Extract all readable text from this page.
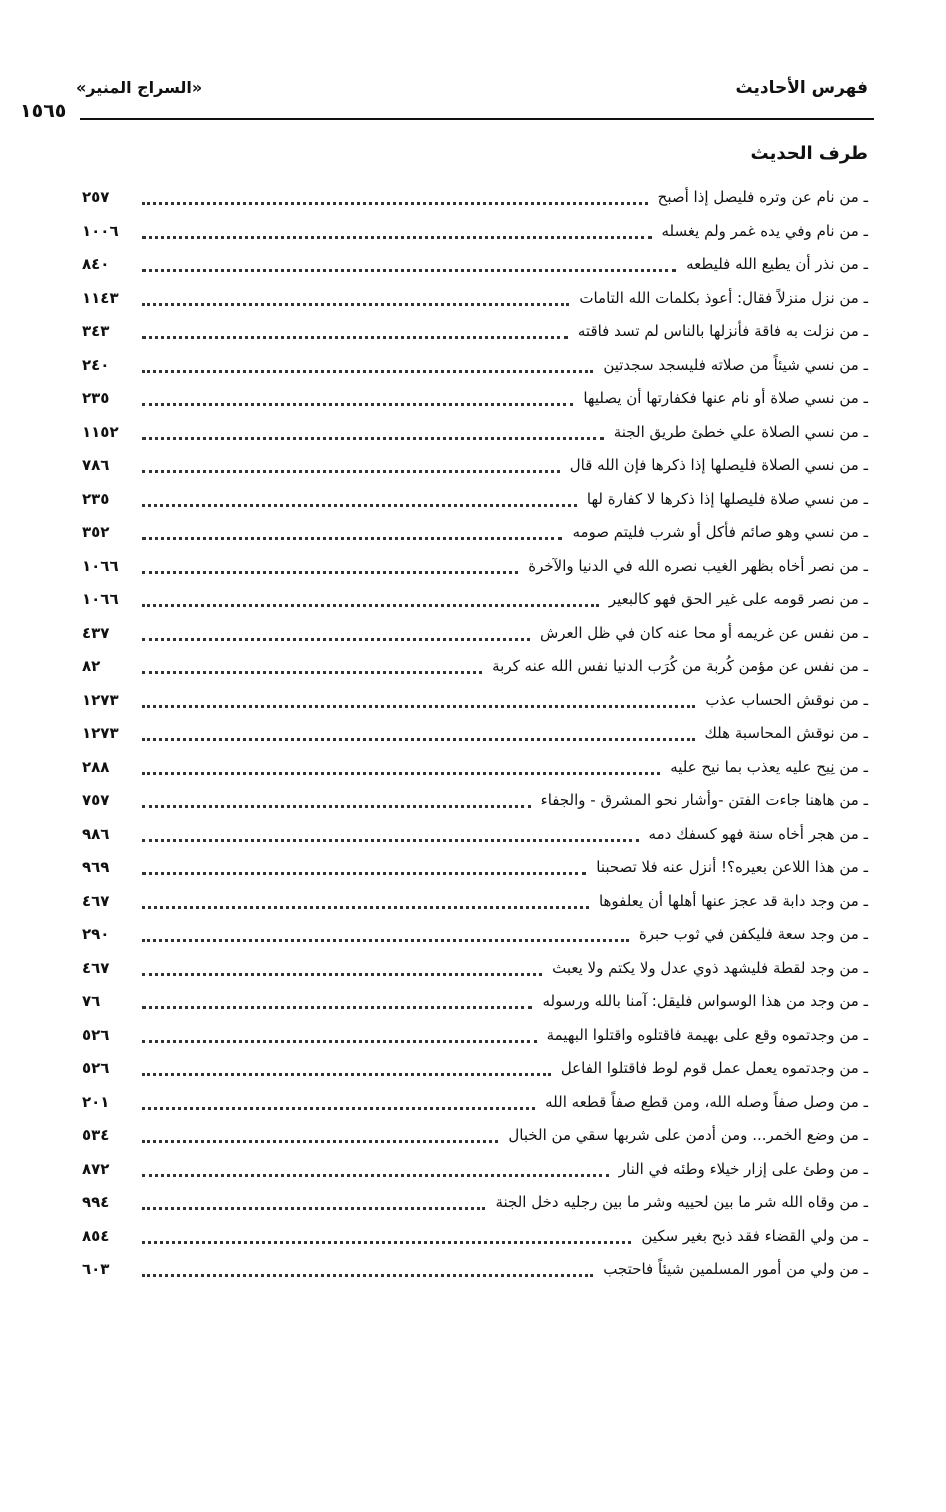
فهرس الأحاديث
«السراج المنير»
١٥٦٥
طرف الحديث
ـ من نام عن وتره فليصل إذا أصبح
٢٥٧
ـ من نام وفي يده غمر ولم يغسله
١٠٠٦
ـ من نذر أن يطيع الله فليطعه
٨٤٠
ـ من نزل منزلاً فقال: أعوذ بكلمات الله التامات
١١٤٣
ـ من نزلت به فاقة فأنزلها بالناس لم تسد فاقته
٣٤٣
ـ من نسي شيئاً من صلاته فليسجد سجدتين
٢٤٠
ـ من نسي صلاة أو نام عنها فكفارتها أن يصليها
٢٣٥
ـ من نسي الصلاة علي خطئ طريق الجنة
١١٥٢
ـ من نسي الصلاة فليصلها إذا ذكرها فإن الله قال
٧٨٦
ـ من نسي صلاة فليصلها إذا ذكرها لا كفارة لها
٢٣٥
ـ من نسي وهو صائم فأكل أو شرب فليتم صومه
٣٥٢
ـ من نصر أخاه بظهر الغيب نصره الله في الدنيا والآخرة
١٠٦٦
ـ من نصر قومه على غير الحق فهو كالبعير
١٠٦٦
ـ من نفس عن غريمه أو محا عنه كان في ظل العرش
٤٣٧
ـ من نفس عن مؤمن كُربة من كُرَب الدنيا نفس الله عنه كربة
٨٢
ـ من نوقش الحساب عذب
١٢٧٣
ـ من نوقش المحاسبة هلك
١٢٧٣
ـ من نِيح عليه يعذب بما نيح عليه
٢٨٨
ـ من هاهنا جاءت الفتن -وأشار نحو المشرق - والجفاء
٧٥٧
ـ من هجر أخاه سنة فهو كسفك دمه
٩٨٦
ـ من هذا اللاعن بعيره؟! أنزل عنه فلا تصحبنا
٩٦٩
ـ من وجد دابة قد عجز عنها أهلها أن يعلفوها
٤٦٧
ـ من وجد سعة فليكفن في ثوب حبرة
٢٩٠
ـ من وجد لقطة فليشهد ذوي عدل ولا يكتم ولا يعبث
٤٦٧
ـ من وجد من هذا الوسواس فليقل: آمنا بالله ورسوله
٧٦
ـ من وجدتموه وقع على بهيمة فاقتلوه واقتلوا البهيمة
٥٢٦
ـ من وجدتموه يعمل عمل قوم لوط فاقتلوا الفاعل
٥٢٦
ـ من وصل صفاً وصله الله، ومن قطع صفاً قطعه الله
٢٠١
ـ من وضع الخمر... ومن أدمن على شربها سقي من الخبال
٥٣٤
ـ من وطئ على إزار خيلاء وطئه في النار
٨٧٢
ـ من وقاه الله شر ما بين لحييه وشر ما بين رجليه دخل الجنة
٩٩٤
ـ من ولي القضاء فقد ذبح بغير سكين
٨٥٤
ـ من ولي من أمور المسلمين شيئاً فاحتجب
٦٠٣
